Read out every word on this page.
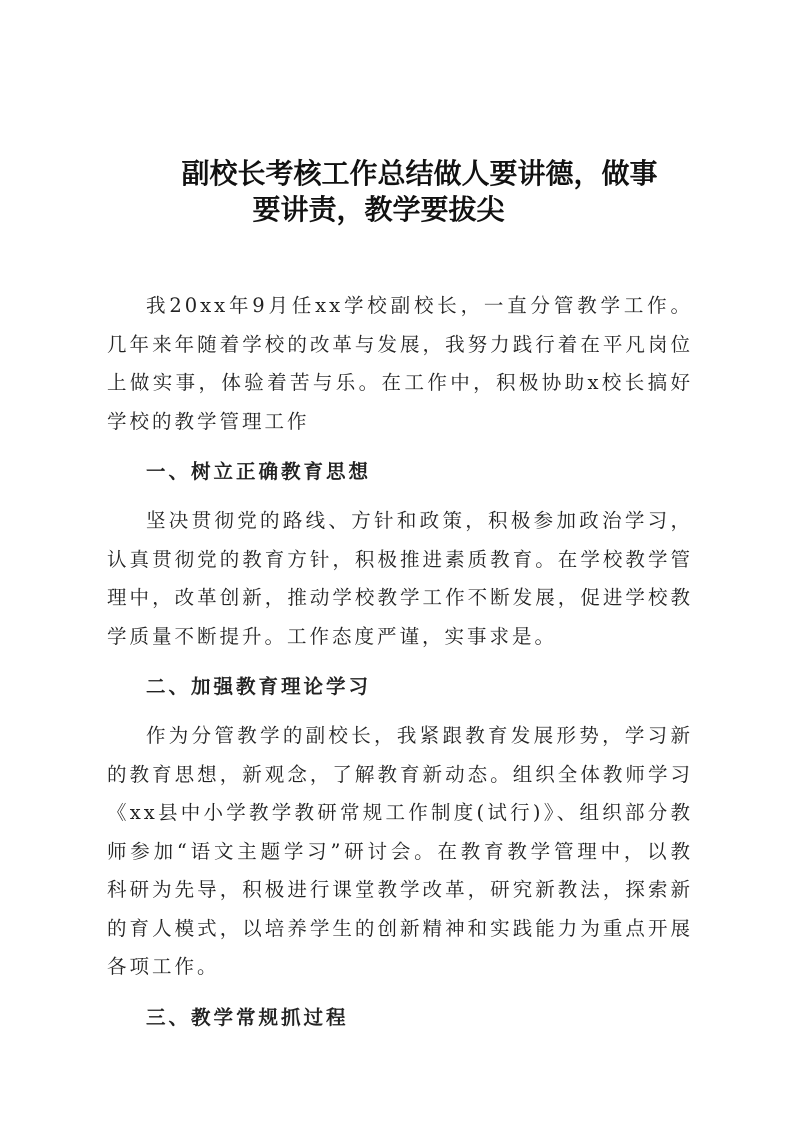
副校长考核工作总结做人要讲德，做事
要讲责，教学要拔尖

我20xx年9月任xx学校副校长，一直分管教学工作。几年来年随着学校的改革与发展，我努力践行着在平凡岗位上做实事，体验着苦与乐。在工作中，积极协助x校长搞好学校的教学管理工作

一、树立正确教育思想

坚决贯彻党的路线、方针和政策，积极参加政治学习，认真贯彻党的教育方针，积极推进素质教育。在学校教学管理中，改革创新，推动学校教学工作不断发展，促进学校教学质量不断提升。工作态度严谨，实事求是。

二、加强教育理论学习

作为分管教学的副校长，我紧跟教育发展形势，学习新的教育思想，新观念，了解教育新动态。组织全体教师学习《xx县中小学教学教研常规工作制度(试行)》、组织部分教师参加“语文主题学习”研讨会。在教育教学管理中，以教科研为先导，积极进行课堂教学改革，研究新教法，探索新的育人模式，以培养学生的创新精神和实践能力为重点开展各项工作。

三、教学常规抓过程
